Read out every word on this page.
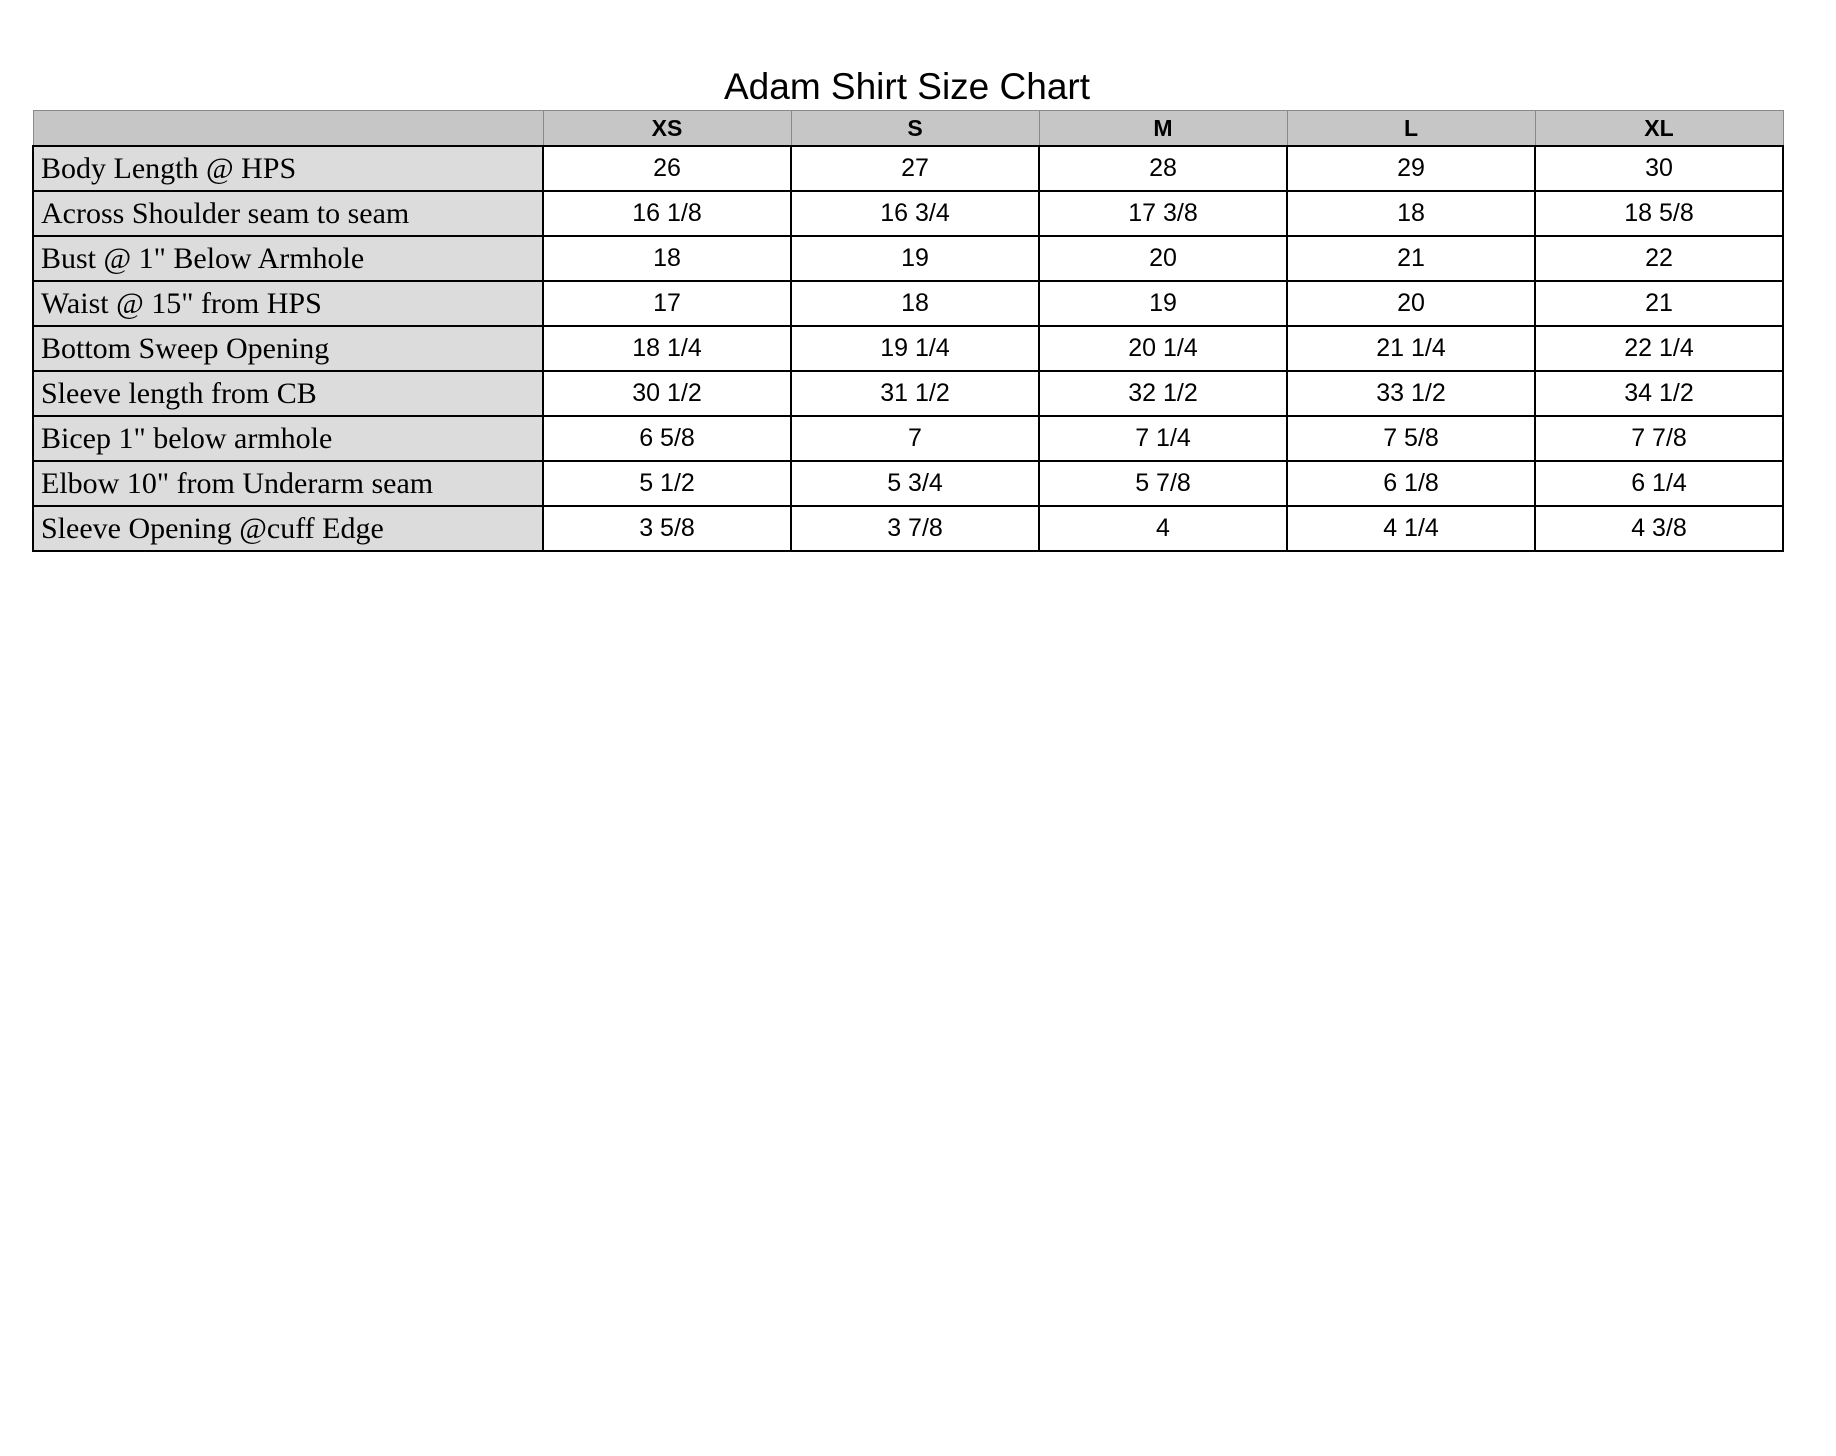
Adam Shirt Size Chart
	XS	S	M	L	XL
Body Length @ HPS	26	27	28	29	30
Across Shoulder seam to seam	16 1/8	16 3/4	17 3/8	18	18 5/8
Bust @ 1" Below Armhole	18	19	20	21	22
Waist @ 15" from HPS	17	18	19	20	21
Bottom Sweep Opening	18 1/4	19 1/4	20 1/4	21 1/4	22 1/4
Sleeve length from CB	30 1/2	31 1/2	32 1/2	33 1/2	34 1/2
Bicep 1" below armhole	6 5/8	7	7 1/4	7 5/8	7 7/8
Elbow 10" from Underarm seam	5 1/2	5 3/4	5 7/8	6 1/8	6 1/4
Sleeve Opening @cuff Edge	3 5/8	3 7/8	4	4 1/4	4 3/8
